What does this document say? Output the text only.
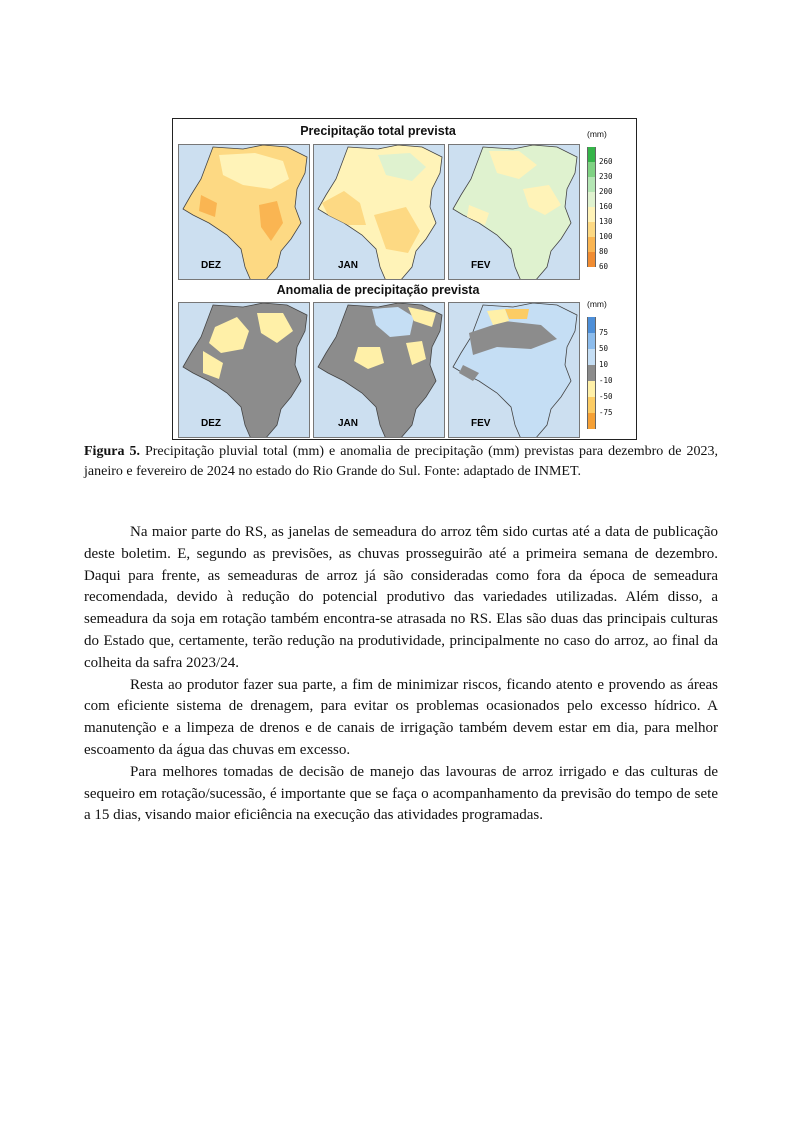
Precipitação total prevista
Anomalia de precipitação prevista
DEZ	JAN	FEV
(mm)
260
230
200
160
130
100
80
60
DEZ	JAN	FEV
(mm)
75
50
10
-10
-50
-75
Figura 5. Precipitação pluvial total (mm) e anomalia de precipitação (mm) previstas para dezembro de 2023, janeiro e fevereiro de 2024 no estado do Rio Grande do Sul. Fonte: adaptado de INMET.

Na maior parte do RS, as janelas de semeadura do arroz têm sido curtas até a data de publicação deste boletim. E, segundo as previsões, as chuvas prosseguirão até a primeira semana de dezembro. Daqui para frente, as semeaduras de arroz já são consideradas como fora da época de semeadura recomendada, devido à redução do potencial produtivo das variedades utilizadas. Além disso, a semeadura da soja em rotação também encontra-se atrasada no RS. Elas são duas das principais culturas do Estado que, certamente, terão redução na produtividade, principalmente no caso do arroz, ao final da colheita da safra 2023/24.

Resta ao produtor fazer sua parte, a fim de minimizar riscos, ficando atento e provendo as áreas com eficiente sistema de drenagem, para evitar os problemas ocasionados pelo excesso hídrico. A manutenção e a limpeza de drenos e de canais de irrigação também devem estar em dia, para melhor escoamento da água das chuvas em excesso.

Para melhores tomadas de decisão de manejo das lavouras de arroz irrigado e das culturas de sequeiro em rotação/sucessão, é importante que se faça o acompanhamento da previsão do tempo de sete a 15 dias, visando maior eficiência na execução das atividades programadas.
